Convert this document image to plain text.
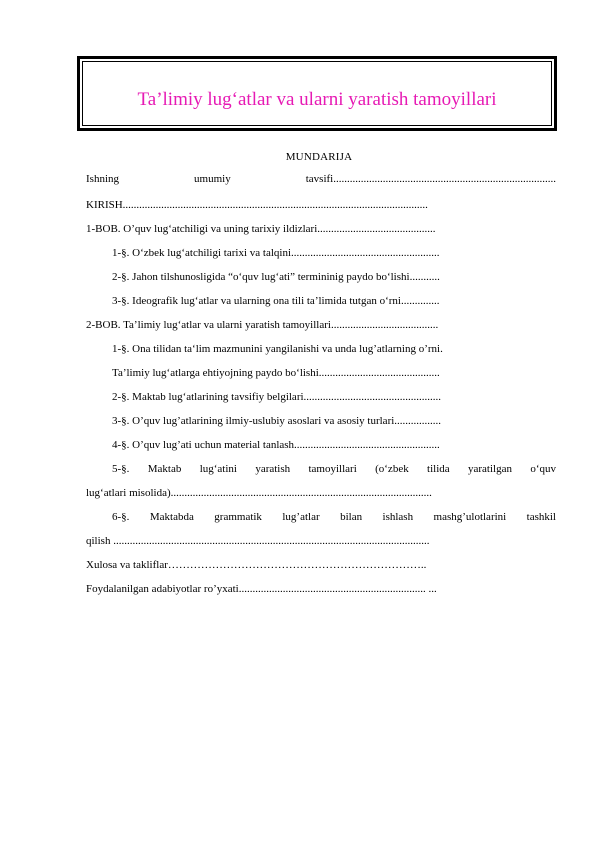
Ta’limiy lug‘atlar va ularni yaratish tamoyillari
MUNDARIJA
Ishning umumiy tavsifi.................................................................................
KIRISH...............................................................................................................
1-BOB. O’quv lug‘atchiligi va uning tarixiy ildizlari...........................................
1-§. O‘zbek lug‘atchiligi tarixi va talqini......................................................
2-§. Jahon tilshunosligida “o‘quv lug‘ati” termininig paydo bo‘lishi...........
3-§. Ideografik lug‘atlar va ularning ona tili ta’limida tutgan o‘rni..............
2-BOB. Ta’limiy lug‘atlar va ularni yaratish tamoyillari.......................................
1-§. Ona tilidan ta‘lim mazmunini yangilanishi va unda lug’atlarning o’rni.
Ta’limiy lug‘atlarga ehtiyojning paydo bo‘lishi............................................
2-§. Maktab lug‘atlarining tavsifiy belgilari..................................................
3-§. O’quv lug’atlarining ilmiy-uslubiy asoslari va asosiy turlari.................
4-§. O’quv lug’ati uchun material tanlash.....................................................
5-§. Maktab lug‘atini yaratish tamoyillari (o‘zbek tilida yaratilgan o‘quv
lug‘atlari misolida)...............................................................................................
6-§. Maktabda grammatik lug’atlar bilan ishlash mashg’ulotlarini tashkil
qilish ...................................................................................................................
Xulosa va takliflar……………………………………………………………..
Foydalanilgan adabiyotlar ro’yxati.................................................................... ...
